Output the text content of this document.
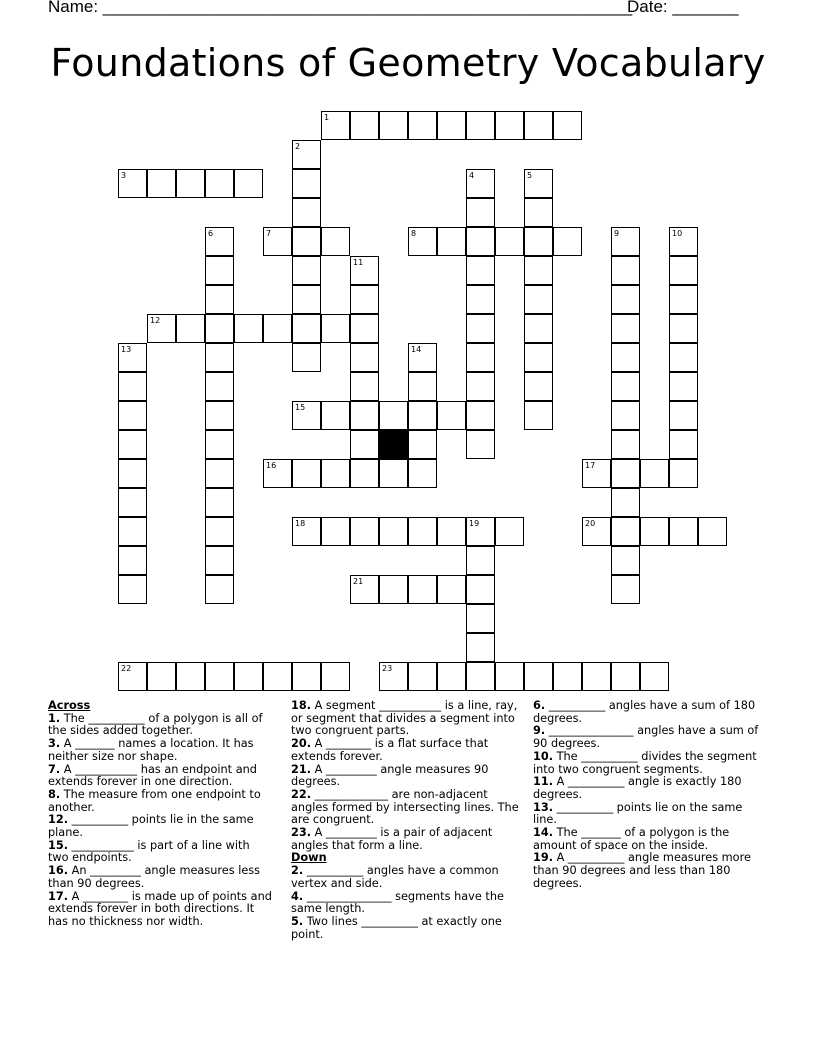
Name: ________________________________________________________
Date: _______
Foundations of Geometry Vocabulary
1
2
3	4	5
6	7	8	9	10
11
12
13	14
15
16	17
18	19	20
21
22	23

Across

1. The __________ of a polygon is all of the sides added together.

3. A _______ names a location. It has neither size nor shape.

7. A ___________ has an endpoint and extends forever in one direction.

8. The measure from one endpoint to another.

12. __________ points lie in the same plane.

15. ___________ is part of a line with two endpoints.

16. An _________ angle measures less than 90 degrees.

17. A ________ is made up of points and extends forever in both directions. It has no thickness nor width.

18. A segment ___________ is a line, ray, or segment that divides a segment into two congruent parts.

20. A ________ is a flat surface that extends forever.

21. A _________ angle measures 90 degrees.

22. _____________ are non-adjacent angles formed by intersecting lines. The are congruent.

23. A _________ is a pair of adjacent angles that form a line.

Down

2. __________ angles have a common vertex and side.

4. _______________ segments have the same length.

5. Two lines __________ at exactly one point.

6. __________ angles have a sum of 180 degrees.

9. _______________ angles have a sum of 90 degrees.

10. The __________ divides the segment into two congruent segments.

11. A __________ angle is exactly 180 degrees.

13. __________ points lie on the same line.

14. The _______ of a polygon is the amount of space on the inside.

19. A __________ angle measures more than 90 degrees and less than 180 degrees.
